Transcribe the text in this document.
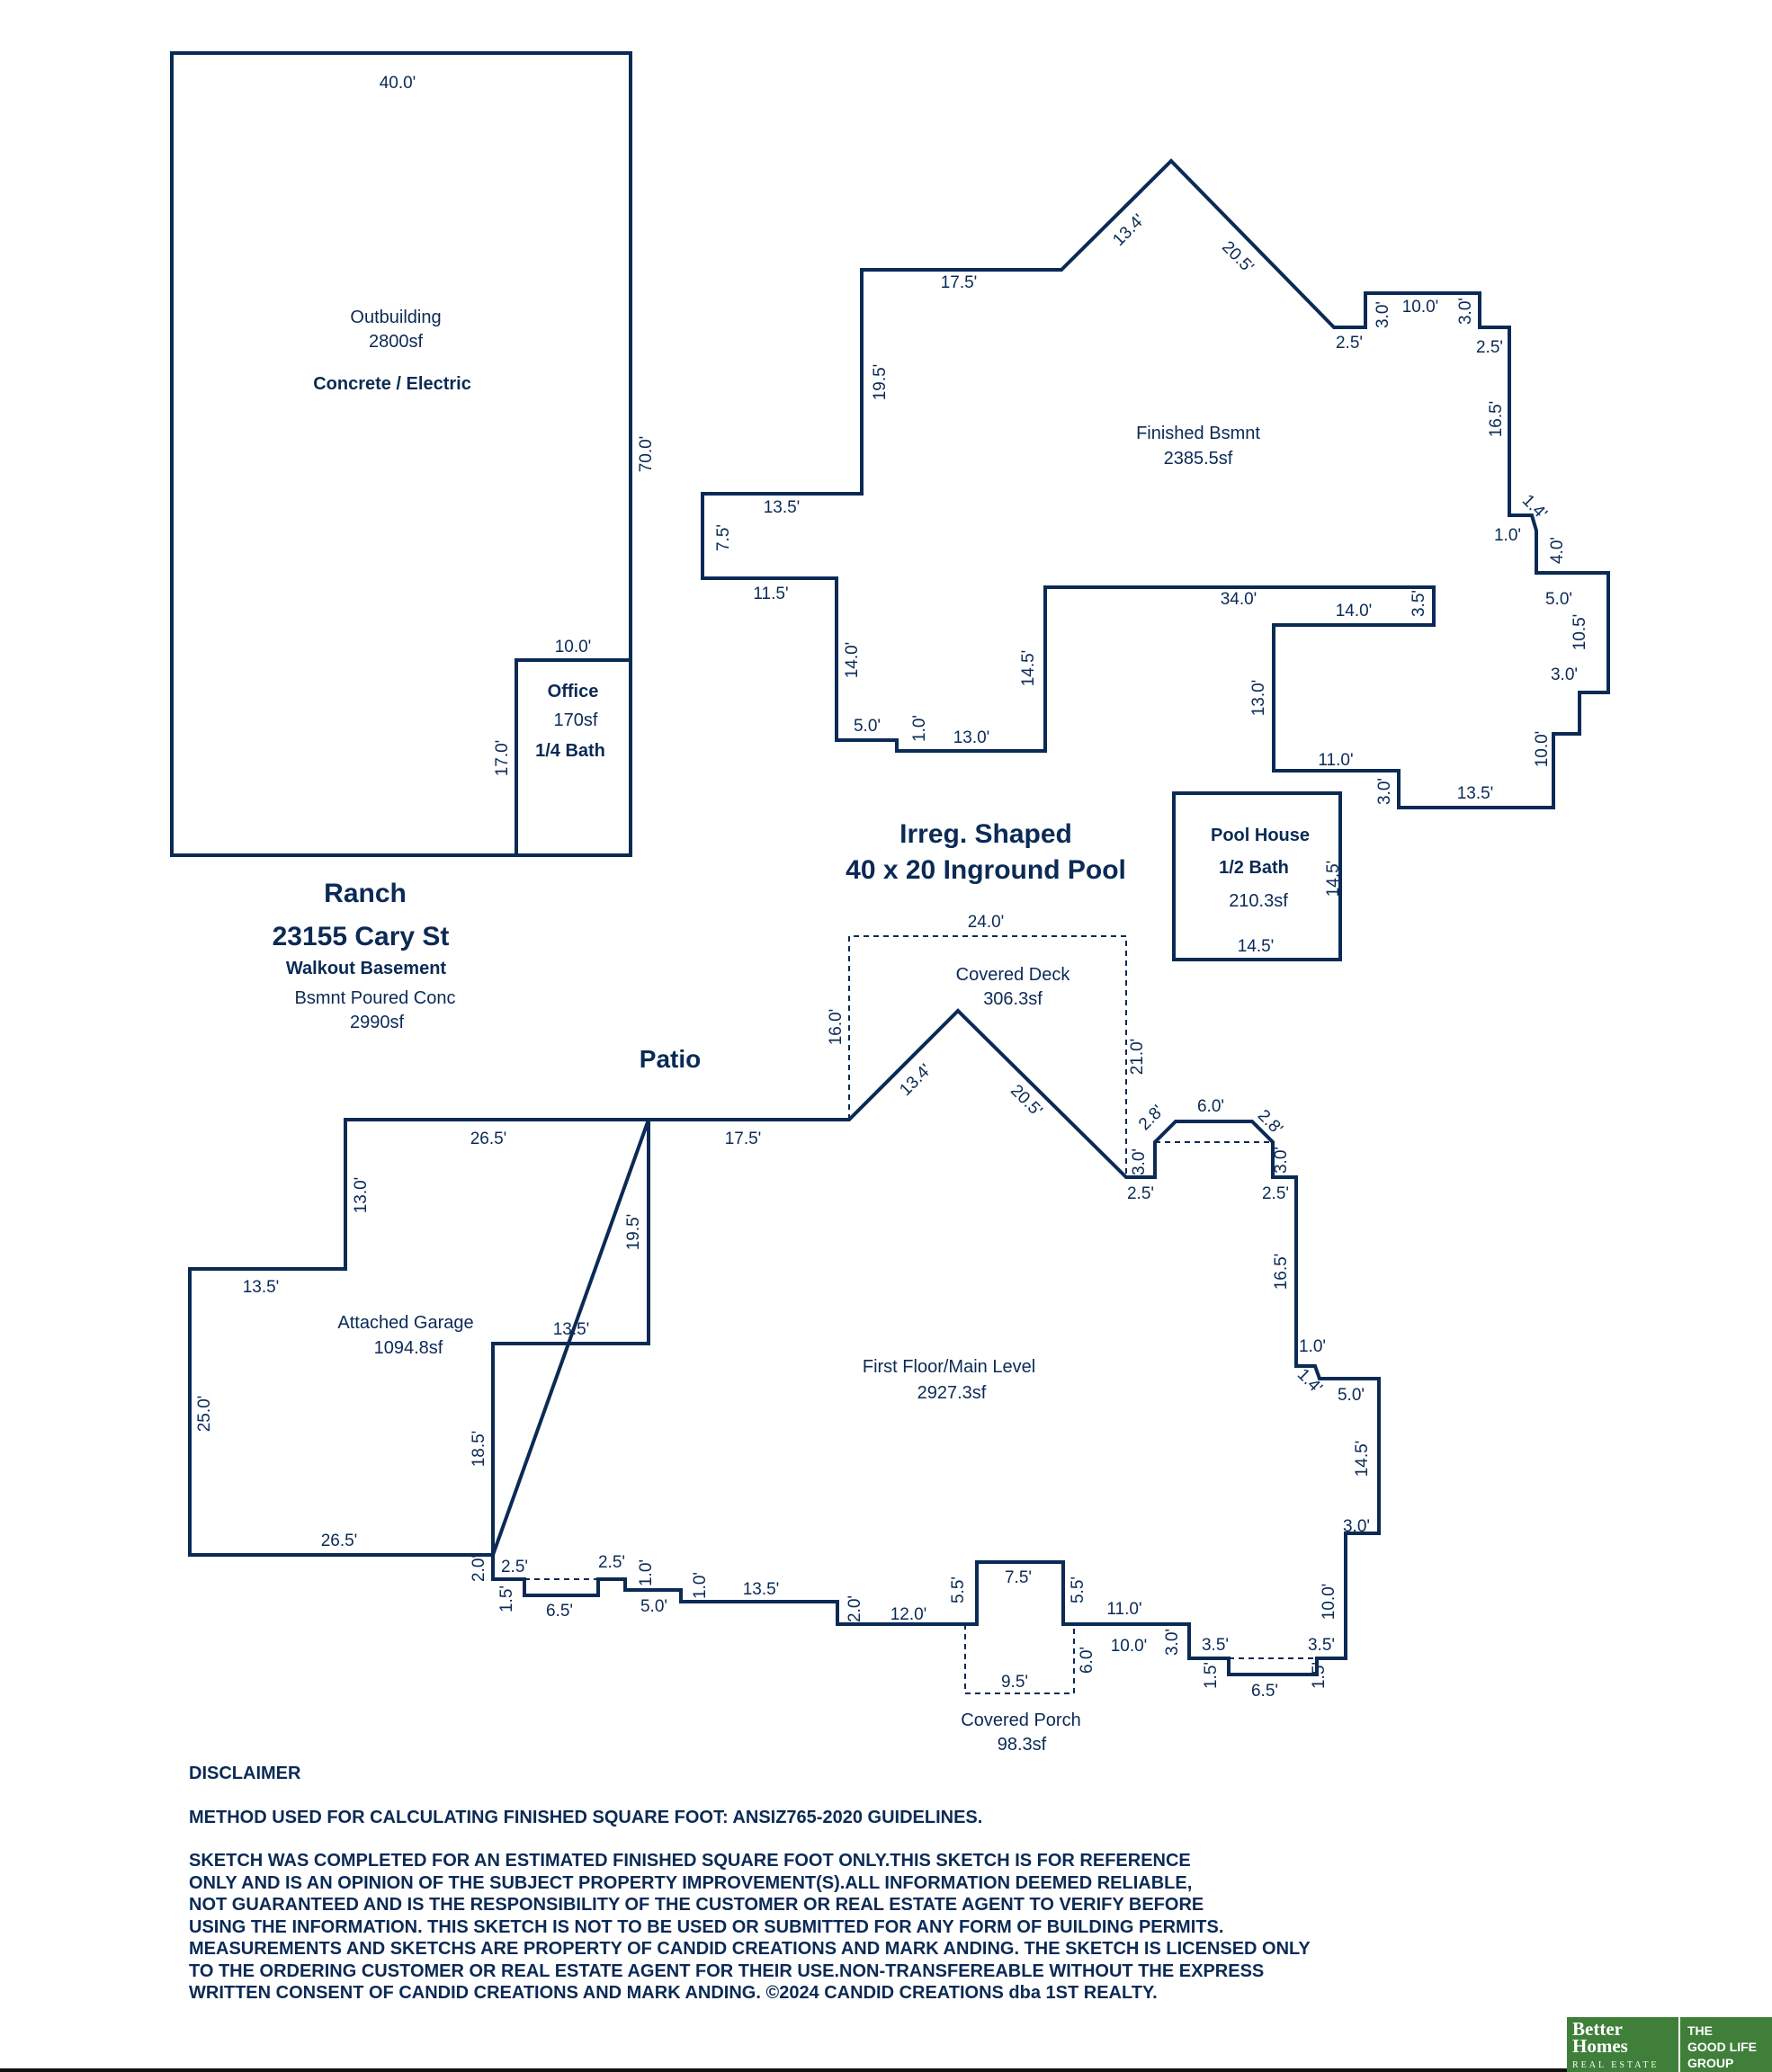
40.0'
70.0'
Outbuilding
2800sf
Concrete / Electric
10.0'
17.0'
Office
170sf
1/4 Bath
Finished Bsmnt
2385.5sf
17.5'
13.4'
20.5'
2.5'
3.0' 10.0' 3.0'
2.5'
16.5'
1.4'
1.0'
4.0'
5.0'
10.5'
3.0'
10.0'
13.5'
3.0'
11.0'
13.0'
14.0' 3.5'
34.0'
14.5'
13.0'
1.0'
5.0'
14.0'
11.5'
7.5'
13.5'
19.5'
Irreg. Shaped
40 x 20 Inground Pool
Pool House
1/2 Bath
210.3sf
14.5'
14.5'
Ranch
23155 Cary St
Walkout Basement
Bsmnt Poured Conc
2990sf
Patio
24.0'
16.0'
21.0'
Covered Deck
306.3sf
Attached Garage
1094.8sf
26.5'
13.0'
13.5'
25.0'
26.5'
18.5'
13.5'
19.5'
First Floor/Main Level
2927.3sf
17.5'
13.4'
20.5'
3.0'
2.5'
2.8' 6.0' 2.8'
3.0'
2.5'
16.5'
1.0'
1.4' 5.0'
14.5'
3.0'
10.0'
3.5'
1.5'
6.5'
1.5'
3.5'
3.0'
10.0'
11.0'
5.5'
7.5'
5.5'
12.0'
2.0'
13.5'
1.0'
5.0'
1.0'
2.5'
6.5'
2.5'
1.5'
2.0'
9.5'
6.0'
Covered Porch
98.3sf

DISCLAIMER

METHOD USED FOR CALCULATING FINISHED SQUARE FOOT: ANSIZ765-2020 GUIDELINES.

SKETCH WAS COMPLETED FOR AN ESTIMATED FINISHED SQUARE FOOT ONLY.THIS SKETCH IS FOR REFERENCE
ONLY AND IS AN OPINION OF THE SUBJECT PROPERTY IMPROVEMENT(S).ALL INFORMATION DEEMED RELIABLE,
NOT GUARANTEED AND IS THE RESPONSIBILITY OF THE CUSTOMER OR REAL ESTATE AGENT TO VERIFY BEFORE
USING THE INFORMATION. THIS SKETCH IS NOT TO BE USED OR SUBMITTED FOR ANY FORM OF BUILDING PERMITS.
MEASUREMENTS AND SKETCHS ARE PROPERTY OF CANDID CREATIONS AND MARK ANDING. THE SKETCH IS LICENSED ONLY
TO THE ORDERING CUSTOMER OR REAL ESTATE AGENT FOR THEIR USE.NON-TRANSFEREABLE WITHOUT THE EXPRESS
WRITTEN CONSENT OF CANDID CREATIONS AND MARK ANDING. ©2024 CANDID CREATIONS dba 1ST REALTY.

Better
Homes
REAL ESTATE
THE
GOOD LIFE
GROUP
